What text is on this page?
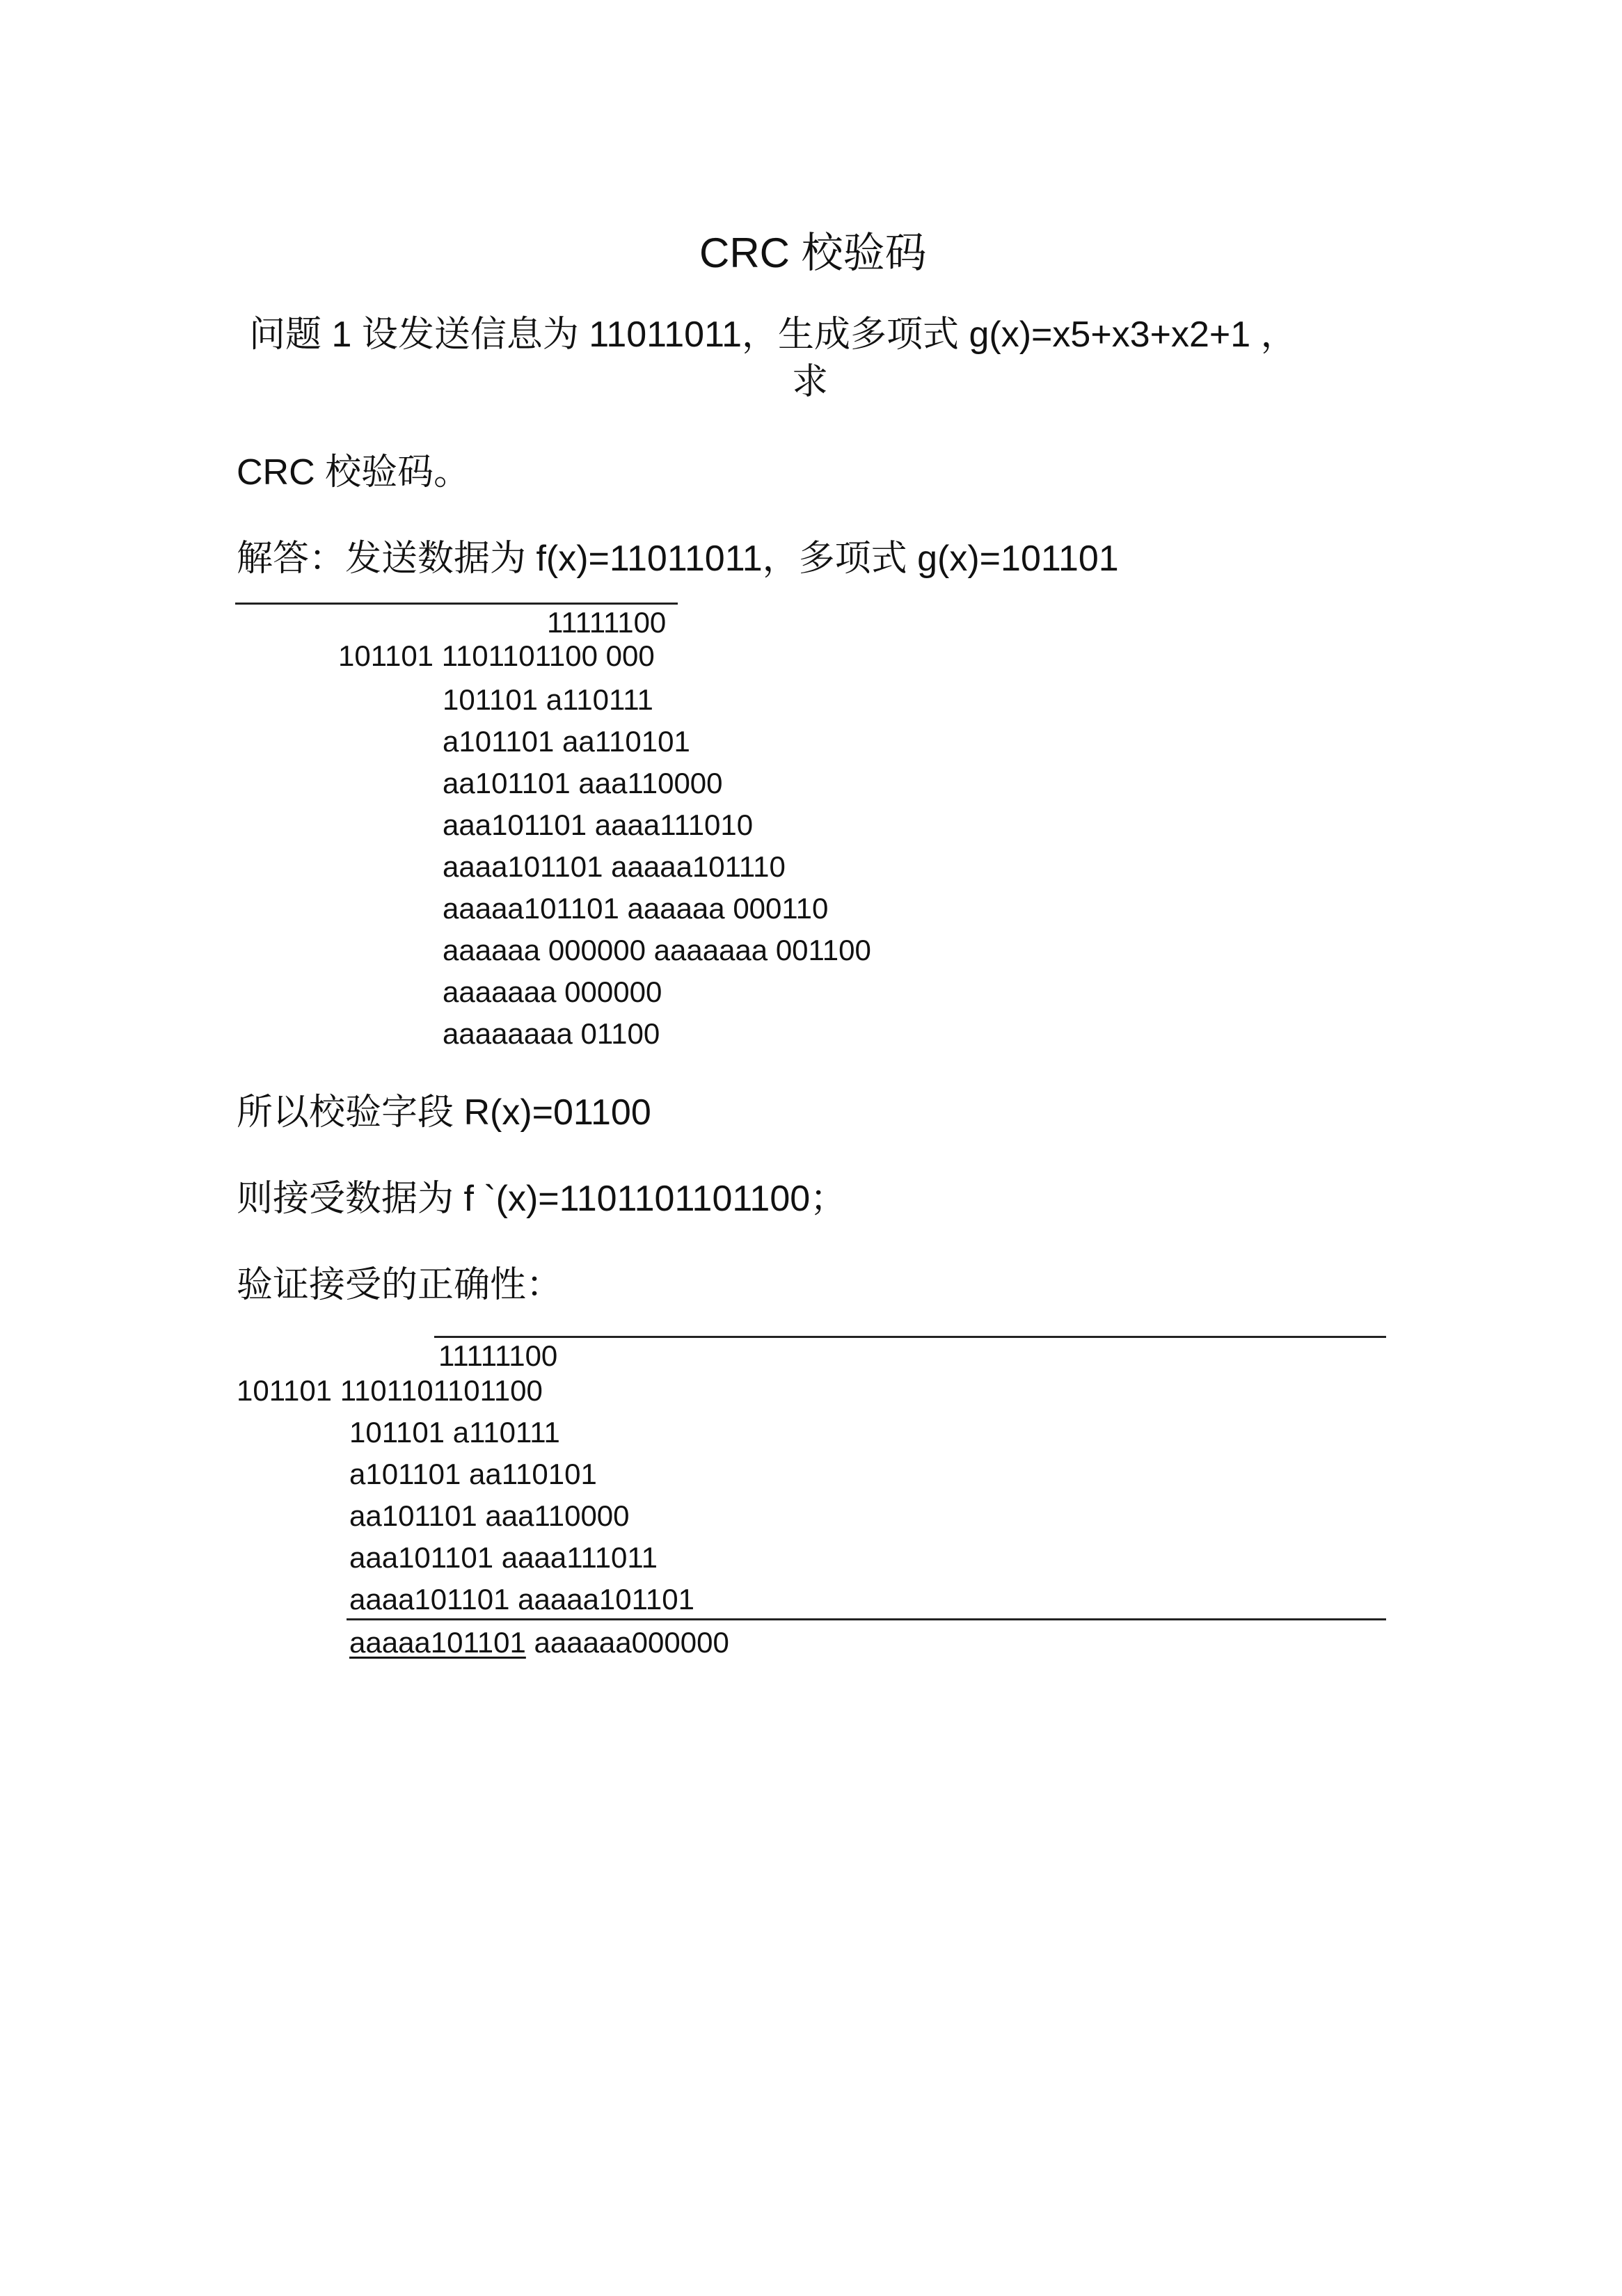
CRC 校验码
问题 1 设发送信息为 11011011，生成多项式 g(x)=x5+x3+x2+1 ，
求
CRC 校验码。
解答：发送数据为 f(x)=11011011，多项式 g(x)=101101
11111100
101101 1101101100 000
101101 a110111
a101101 aa110101
aa101101 aaa110000
aaa101101 aaaa111010
aaaa101101 aaaaa101110
aaaaa101101 aaaaaa 000110
aaaaaa 000000 aaaaaaa 001100
aaaaaaa 000000
aaaaaaaa 01100
所以校验字段 R(x)=01100
则接受数据为 f `(x)=1101101101100；
验证接受的正确性：
11111100
101101 1101101101100
101101 a110111
a101101 aa110101
aa101101 aaa110000
aaa101101 aaaa111011
aaaa101101 aaaaa101101
aaaaa101101 aaaaaa000000
